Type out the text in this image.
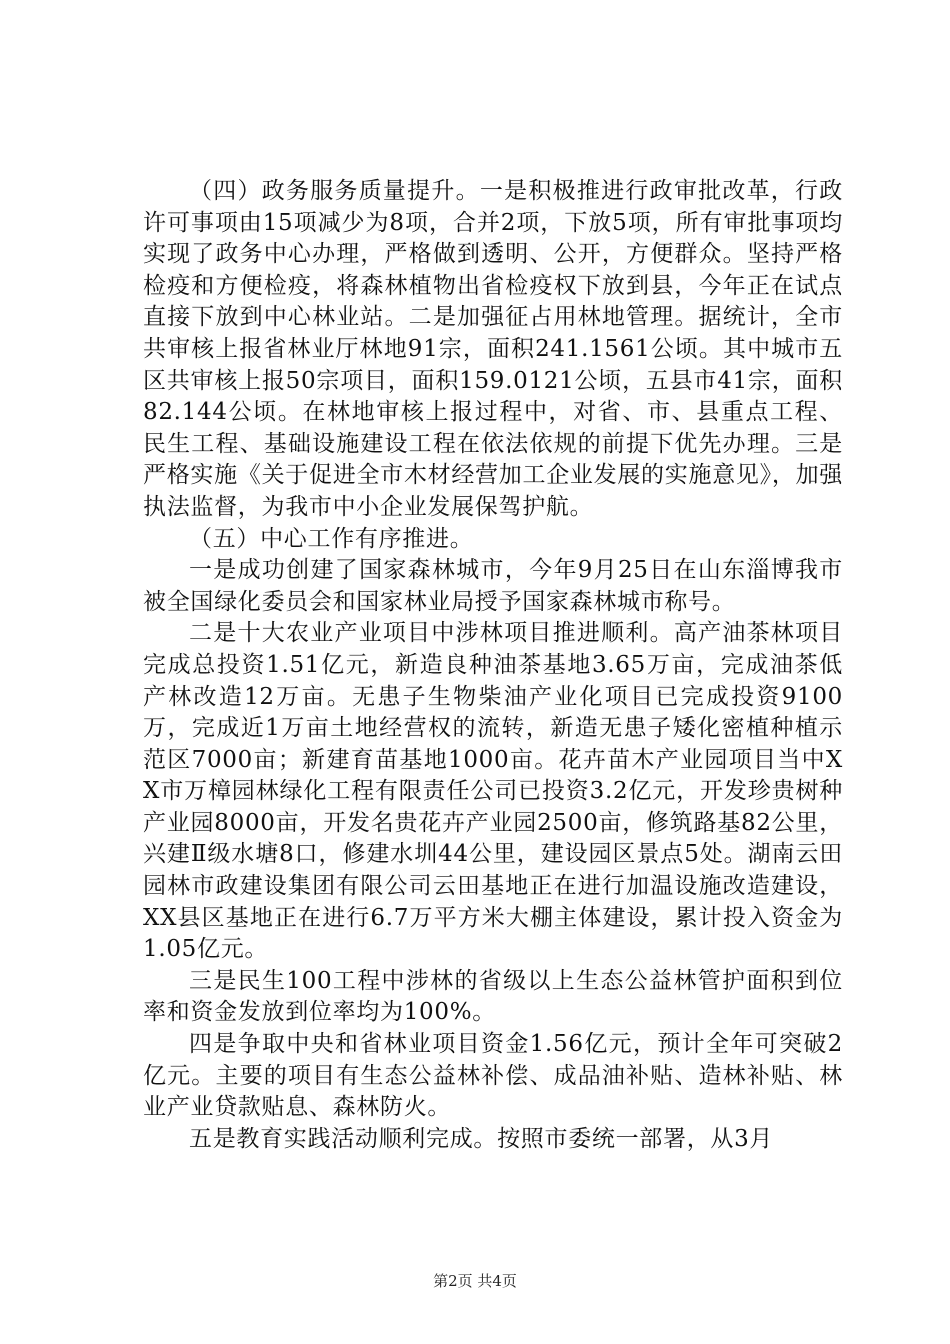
（四）政务服务质量提升。一是积极推进行政审批改革，行政许可事项由15项减少为8项，合并2项，下放5项，所有审批事项均实现了政务中心办理，严格做到透明、公开，方便群众。坚持严格检疫和方便检疫，将森林植物出省检疫权下放到县，今年正在试点直接下放到中心林业站。二是加强征占用林地管理。据统计，全市共审核上报省林业厅林地91宗，面积241.1561公顷。其中城市五区共审核上报50宗项目，面积159.0121公顷，五县市41宗，面积82.144公顷。在林地审核上报过程中，对省、市、县重点工程、民生工程、基础设施建设工程在依法依规的前提下优先办理。三是严格实施《关于促进全市木材经营加工企业发展的实施意见》，加强执法监督，为我市中小企业发展保驾护航。

（五）中心工作有序推进。

一是成功创建了国家森林城市，今年9月25日在山东淄博我市被全国绿化委员会和国家林业局授予国家森林城市称号。

二是十大农业产业项目中涉林项目推进顺利。高产油茶林项目完成总投资1.51亿元，新造良种油茶基地3.65万亩，完成油茶低产林改造12万亩。无患子生物柴油产业化项目已完成投资9100万，完成近1万亩土地经营权的流转，新造无患子矮化密植种植示范区7000亩；新建育苗基地1000亩。花卉苗木产业园项目当中XX市万樟园林绿化工程有限责任公司已投资3.2亿元，开发珍贵树种产业园8000亩，开发名贵花卉产业园2500亩，修筑路基82公里，兴建Ⅱ级水塘8口，修建水圳44公里，建设园区景点5处。湖南云田园林市政建设集团有限公司云田基地正在进行加温设施改造建设，XX县区基地正在进行6.7万平方米大棚主体建设，累计投入资金为1.05亿元。

三是民生100工程中涉林的省级以上生态公益林管护面积到位率和资金发放到位率均为100%。

四是争取中央和省林业项目资金1.56亿元，预计全年可突破2亿元。主要的项目有生态公益林补偿、成品油补贴、造林补贴、林业产业贷款贴息、森林防火。

五是教育实践活动顺利完成。按照市委统一部署，从3月

第2页 共4页
